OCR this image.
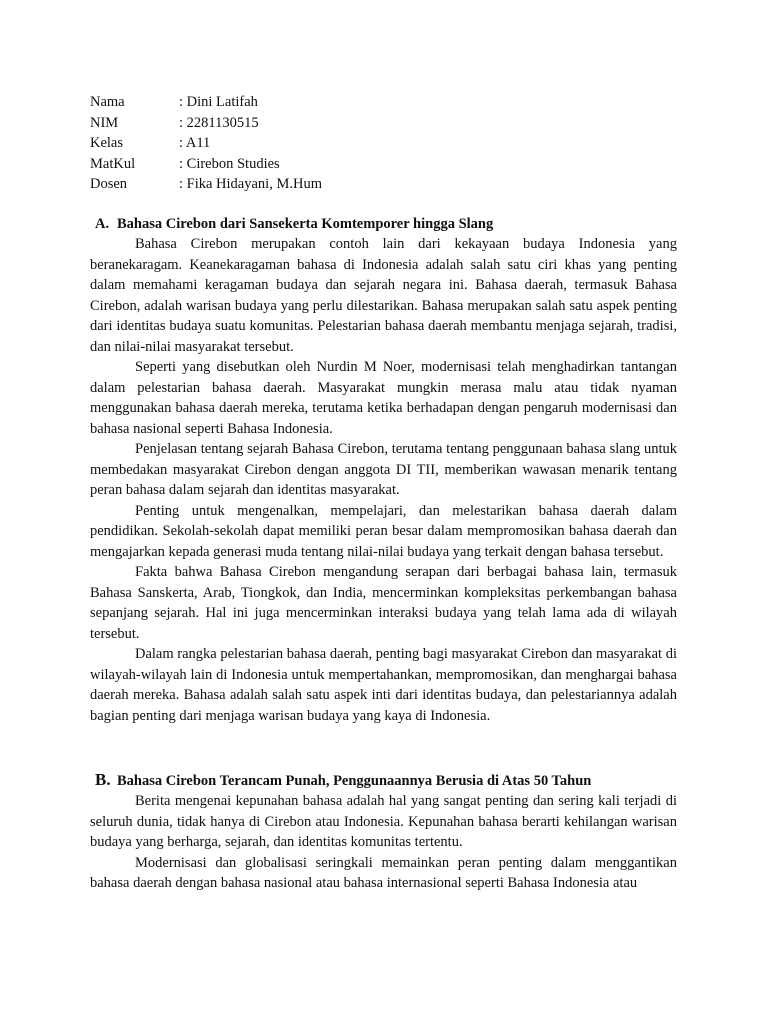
Nama	: Dini Latifah
NIM	: 2281130515
Kelas	: A11
MatKul	: Cirebon Studies
Dosen	: Fika Hidayani, M.Hum
A. Bahasa Cirebon dari Sansekerta Komtemporer hingga Slang

Bahasa Cirebon merupakan contoh lain dari kekayaan budaya Indonesia yang beranekaragam. Keanekaragaman bahasa di Indonesia adalah salah satu ciri khas yang penting dalam memahami keragaman budaya dan sejarah negara ini. Bahasa daerah, termasuk Bahasa Cirebon, adalah warisan budaya yang perlu dilestarikan. Bahasa merupakan salah satu aspek penting dari identitas budaya suatu komunitas. Pelestarian bahasa daerah membantu menjaga sejarah, tradisi, dan nilai-nilai masyarakat tersebut.

Seperti yang disebutkan oleh Nurdin M Noer, modernisasi telah menghadirkan tantangan dalam pelestarian bahasa daerah. Masyarakat mungkin merasa malu atau tidak nyaman menggunakan bahasa daerah mereka, terutama ketika berhadapan dengan pengaruh modernisasi dan bahasa nasional seperti Bahasa Indonesia.

Penjelasan tentang sejarah Bahasa Cirebon, terutama tentang penggunaan bahasa slang untuk membedakan masyarakat Cirebon dengan anggota DI TII, memberikan wawasan menarik tentang peran bahasa dalam sejarah dan identitas masyarakat.

Penting untuk mengenalkan, mempelajari, dan melestarikan bahasa daerah dalam pendidikan. Sekolah-sekolah dapat memiliki peran besar dalam mempromosikan bahasa daerah dan mengajarkan kepada generasi muda tentang nilai-nilai budaya yang terkait dengan bahasa tersebut.

Fakta bahwa Bahasa Cirebon mengandung serapan dari berbagai bahasa lain, termasuk Bahasa Sanskerta, Arab, Tiongkok, dan India, mencerminkan kompleksitas perkembangan bahasa sepanjang sejarah. Hal ini juga mencerminkan interaksi budaya yang telah lama ada di wilayah tersebut.

Dalam rangka pelestarian bahasa daerah, penting bagi masyarakat Cirebon dan masyarakat di wilayah-wilayah lain di Indonesia untuk mempertahankan, mempromosikan, dan menghargai bahasa daerah mereka. Bahasa adalah salah satu aspek inti dari identitas budaya, dan pelestariannya adalah bagian penting dari menjaga warisan budaya yang kaya di Indonesia.

B. Bahasa Cirebon Terancam Punah, Penggunaannya Berusia di Atas 50 Tahun

Berita mengenai kepunahan bahasa adalah hal yang sangat penting dan sering kali terjadi di seluruh dunia, tidak hanya di Cirebon atau Indonesia. Kepunahan bahasa berarti kehilangan warisan budaya yang berharga, sejarah, dan identitas komunitas tertentu.

Modernisasi dan globalisasi seringkali memainkan peran penting dalam menggantikan bahasa daerah dengan bahasa nasional atau bahasa internasional seperti Bahasa Indonesia atau
